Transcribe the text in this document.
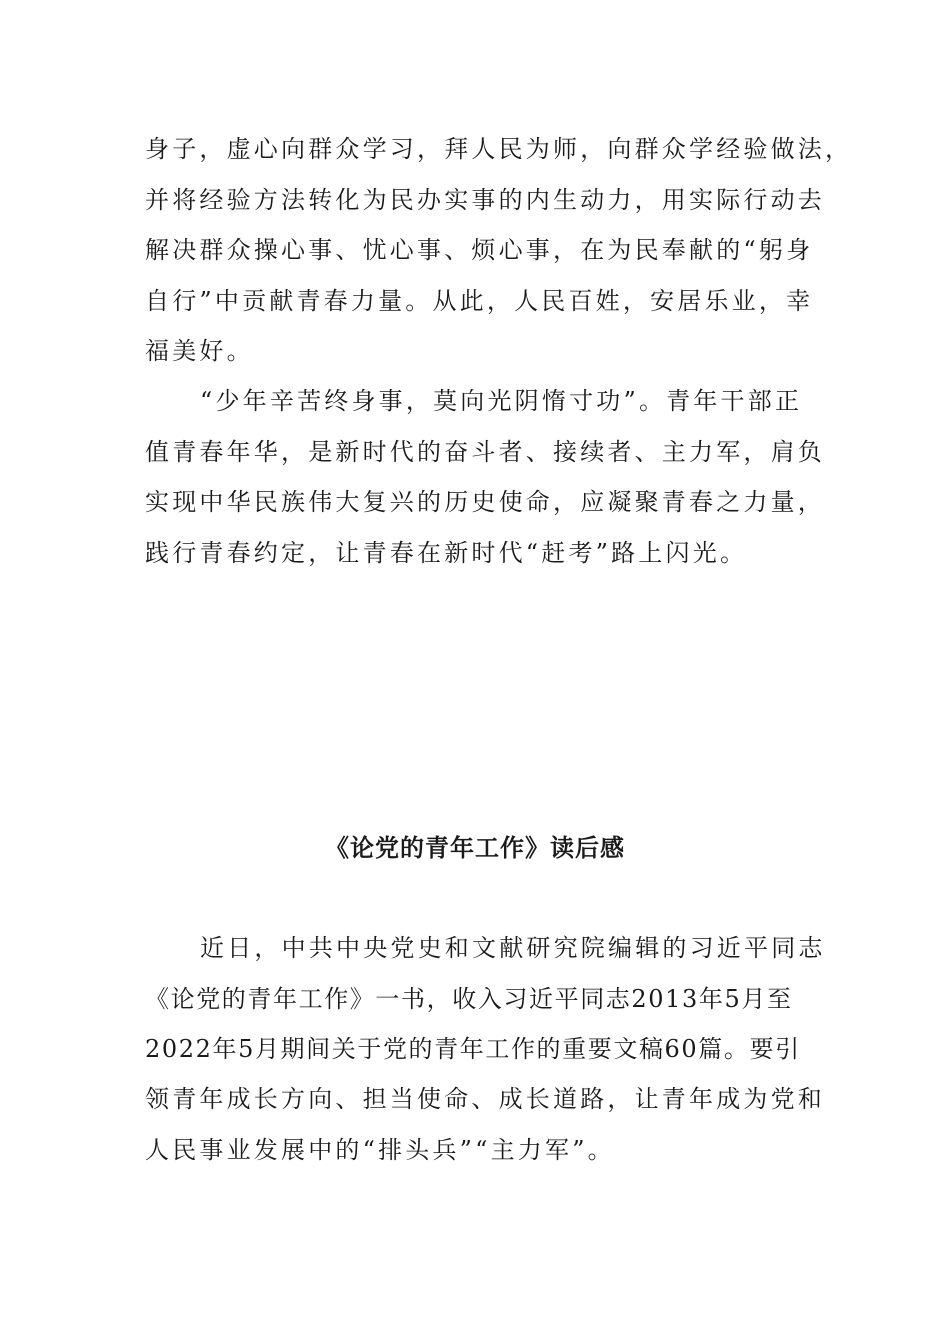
身子，虚心向群众学习，拜人民为师，向群众学经验做法，
并将经验方法转化为民办实事的内生动力，用实际行动去
解决群众操心事、忧心事、烦心事，在为民奉献的“躬身
自行”中贡献青春力量。从此，人民百姓，安居乐业，幸
福美好。
“少年辛苦终身事，莫向光阴惰寸功”。青年干部正
值青春年华，是新时代的奋斗者、接续者、主力军，肩负
实现中华民族伟大复兴的历史使命，应凝聚青春之力量，
践行青春约定，让青春在新时代“赶考”路上闪光。
《论党的青年工作》读后感
近日，中共中央党史和文献研究院编辑的习近平同志
《论党的青年工作》一书，收入习近平同志2013年5月至
2022年5月期间关于党的青年工作的重要文稿60篇。要引
领青年成长方向、担当使命、成长道路，让青年成为党和
人民事业发展中的“排头兵”“主力军”。
